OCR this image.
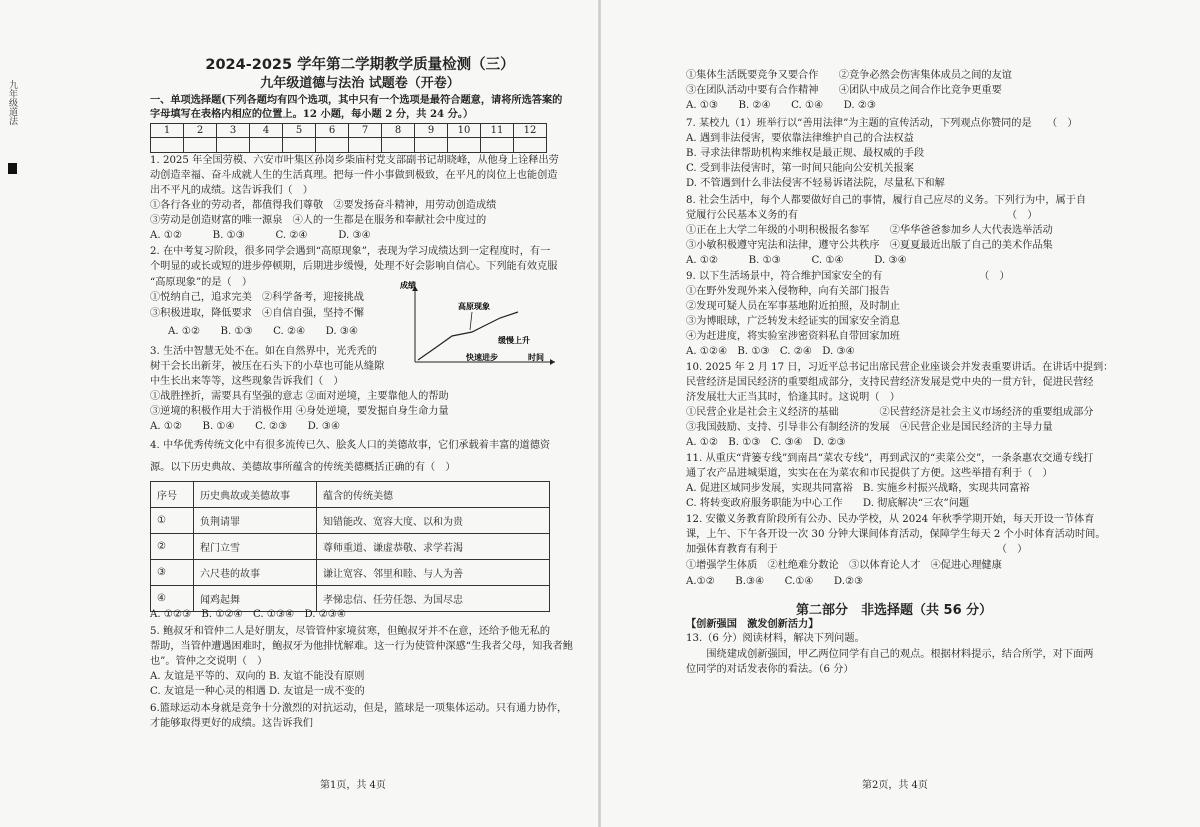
九年级道法
2024-2025 学年第二学期教学质量检测（三）
九年级道德与法治 试题卷（开卷）
一、单项选择题(下列各题均有四个选项，其中只有一个选项是最符合题意，请将所选答案的
字母填写在表格内相应的位置上。12 小题，每小题 2 分，共 24 分。）
1	2	3	4	5	6	7	8	9	10	11	12

1. 2025 年全国劳模、六安市叶集区孙岗乡柴庙村党支部副书记胡晓峰，从他身上诠释出劳
动创造幸福、奋斗成就人生的生活真理。把每一件小事做到极致，在平凡的岗位上也能创造
出不平凡的成绩。这告诉我们（　）
①各行各业的劳动者，都值得我们尊敬　②要发扬奋斗精神，用劳动创造成绩
③劳动是创造财富的唯一源泉　④人的一生都是在服务和奉献社会中度过的
A. ①②　　　B. ①③　　　C. ②④　　　D. ③④
2. 在中考复习阶段，很多同学会遇到“高原现象”，表现为学习成绩达到一定程度时，有一
个明显的或长或短的进步停顿期，后期进步缓慢，处理不好会影响自信心。下列能有效克服
“高原现象”的是（　）
①悦纳自己，追求完美　②科学备考，迎接挑战
③积极进取，降低要求　④自信自强，坚持不懈
A. ①②　　B. ①③　　C. ②④　　D. ③④
成绩
时间
高原现象
缓慢上升
快速进步
3. 生活中智慧无处不在。如在自然界中，光秃秃的
树干会长出新芽，被压在石头下的小草也可能从缝隙
中生长出来等等，这些现象告诉我们（　）
①战胜挫折，需要具有坚强的意志 ②面对逆境，主要靠他人的帮助
③逆境的积极作用大于消极作用 ④身处逆境，要发掘自身生命力量
A. ①②　　B. ①④　　C. ②③　　D. ③④
4. 中华优秀传统文化中有很多流传已久、脍炙人口的美德故事，它们承载着丰富的道德资
源。以下历史典故、美德故事所蕴含的传统美德概括正确的有（　）
序号	历史典故或美德故事	蕴含的传统美德
①	负荆请罪	知错能改、宽容大度、以和为贵
②	程门立雪	尊师重道、谦虚恭敬、求学若渴
③	六尺巷的故事	谦让宽容、邻里和睦、与人为善
④	闻鸡起舞	孝悌忠信、任劳任怨、为国尽忠
A. ①②③　B. ①②④　C. ①③④　D. ②③④
5. 鲍叔牙和管仲二人是好朋友，尽管管仲家境贫寒，但鲍叔牙并不在意，还给予他无私的
帮助，当管仲遭遇困难时，鲍叔牙为他排忧解难。这一行为使管仲深感“生我者父母，知我者鲍
也”。管仲之交说明（　）
A. 友谊是平等的、双向的 B. 友谊不能没有原则
C. 友谊是一种心灵的相遇 D. 友谊是一成不变的
6.篮球运动本身就是竞争十分激烈的对抗运动，但是，篮球是一项集体运动。只有通力协作，
才能够取得更好的成绩。这告诉我们
第1页，共 4页
①集体生活既要竞争又要合作　　②竞争必然会伤害集体成员之间的友谊
③在团队活动中要有合作精神　　④团队中成员之间合作比竞争更重要
A. ①③　　B. ②④　　C. ①④　　D. ②③
7. 某校九（1）班举行以“善用法律”为主题的宣传活动，下列观点你赞同的是　　（　）
A. 遇到非法侵害，要依靠法律维护自己的合法权益
B. 寻求法律帮助机构来维权是最正规、最权威的手段
C. 受到非法侵害时，第一时间只能向公安机关报案
D. 不管遇到什么非法侵害不轻易诉诸法院，尽量私下和解
8. 社会生活中，每个人都要做好自己的事情，履行自己应尽的义务。下列行为中，属于自
觉履行公民基本义务的有　　　　　　　　　　　　　　　　　　　　　（　）
①正在上大学二年级的小明积极报名参军　　②华华爸爸参加乡人大代表选举活动
③小敏积极遵守宪法和法律，遵守公共秩序　④夏夏最近出版了自己的美术作品集
A. ①②　　　B. ①③　　　C. ①④　　　D. ③④
9. 以下生活场景中，符合维护国家安全的有　　　　　　　　　　（　）
①在野外发现外来入侵物种，向有关部门报告
②发现可疑人员在军事基地附近拍照，及时制止
③为博眼球，广泛转发未经证实的国家安全消息
④为赶进度，将实验室涉密资料私自带回家加班
A. ①②④　B. ①③　C. ②④　D. ③④
10. 2025 年 2 月 17 日，习近平总书记出席民营企业座谈会并发表重要讲话。在讲话中提到：
民营经济是国民经济的重要组成部分，支持民营经济发展是党中央的一贯方针，促进民营经
济发展壮大正当其时，恰逢其时。这说明（　）
①民营企业是社会主义经济的基础　　　　②民营经济是社会主义市场经济的重要组成部分
③我国鼓励、支持、引导非公有制经济的发展　④民营企业是国民经济的主导力量
A. ①②　B. ①③　C. ③④　D. ②③
11. 从重庆“背篓专线”到南昌“菜农专线”，再到武汉的“卖菜公交”，一条条惠农交通专线打
通了农产品进城渠道，实实在在为菜农和市民提供了方便。这些举措有利于（　）
A. 促进区域同步发展，实现共同富裕　B. 实施乡村振兴战略，实现共同富裕
C. 将转变政府服务职能为中心工作　　D. 彻底解决“三农”问题
12. 安徽义务教育阶段所有公办、民办学校，从 2024 年秋季学期开始，每天开设一节体育
课，上午、下午各开设一次 30 分钟大课间体育活动，保障学生每天 2 个小时体育活动时间。
加强体育教育有利于　　　　　　　　　　　　　　　　　　　　　　（　）
①增强学生体质　②杜绝难分数论　③以体育论人才　④促进心理健康
A.①②　　B.③④　　C.①④　　D.②③
第二部分　非选择题（共 56 分）
【创新强国　激发创新活力】
13.（6 分）阅读材料，解决下列问题。
　　围绕建成创新强国，甲乙两位同学有自己的观点。根据材料提示，结合所学，对下面两
位同学的对话发表你的看法。（6 分）
第2页，共 4页
